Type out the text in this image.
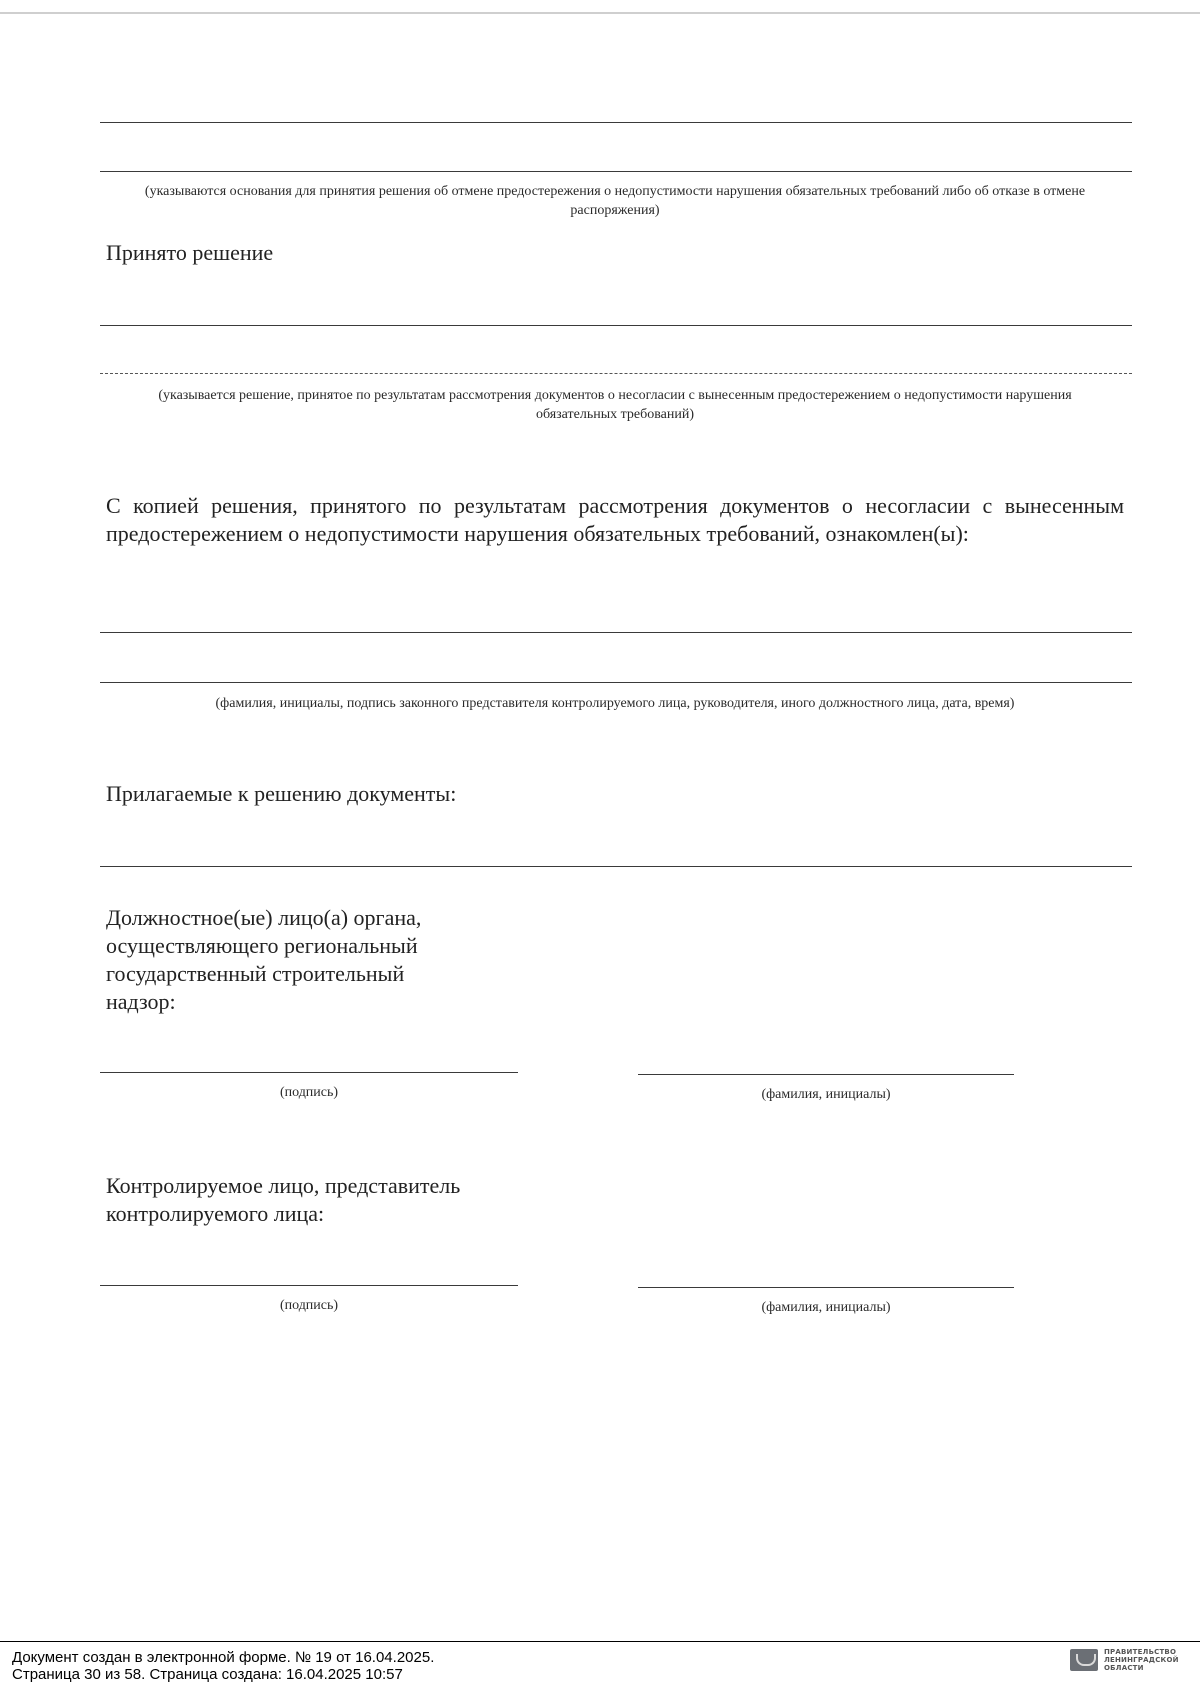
(указываются основания для принятия решения об отмене предостережения о недопустимости нарушения обязательных требований либо об отказе в отмене распоряжения)
Принято решение
(указывается решение, принятое по результатам рассмотрения документов о несогласии с вынесенным предостережением о недопустимости нарушения обязательных требований)
С копией решения, принятого по результатам рассмотрения документов о несогласии с вынесенным предостережением о недопустимости нарушения обязательных требований, ознакомлен(ы):
(фамилия, инициалы, подпись законного представителя контролируемого лица, руководителя, иного должностного лица, дата, время)
Прилагаемые к решению документы:
Должностное(ые) лицо(а) органа, осуществляющего региональный государственный строительный надзор:
(подпись)	(фамилия, инициалы)
Контролируемое лицо, представитель контролируемого лица:
(подпись)	(фамилия, инициалы)
Документ создан в электронной форме. № 19 от 16.04.2025.
Страница 30 из 58. Страница создана: 16.04.2025 10:57
ПРАВИТЕЛЬСТВО
ЛЕНИНГРАДСКОЙ
ОБЛАСТИ
